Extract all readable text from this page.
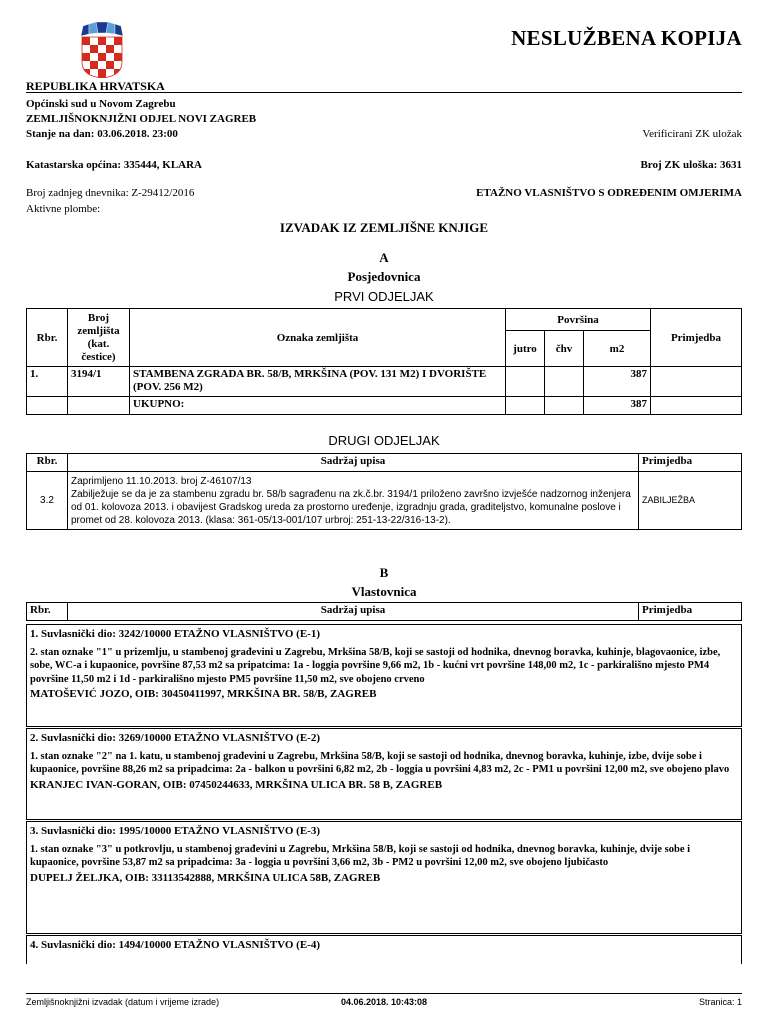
NESLUŽBENA KOPIJA
REPUBLIKA HRVATSKA
Općinski sud u Novom Zagrebu
ZEMLJIŠNOKNJIŽNI ODJEL NOVI ZAGREB
Stanje na dan: 03.06.2018. 23:00	Verificirani ZK uložak
Katastarska općina: 335444, KLARA	Broj ZK uloška: 3631
Broj zadnjeg dnevnika: Z-29412/2016	ETAŽNO VLASNIŠTVO S ODREĐENIM OMJERIMA
Aktivne plombe:
IZVADAK IZ ZEMLJIŠNE KNJIGE
A
Posjedovnica
PRVI ODJELJAK
Rbr.	Broj zemljišta (kat. čestice)	Oznaka zemljišta	Površina			Primjedba
			jutro	čhv	m2	
1.	3194/1	STAMBENA ZGRADA BR. 58/B, MRKŠINA (POV. 131 M2) I DVORIŠTE (POV. 256 M2)			387	
		UKUPNO:			387	
DRUGI ODJELJAK
Rbr.	Sadržaj upisa	Primjedba
3.2	Zaprimljeno 11.10.2013. broj Z-46107/13
Zabilježuje se da je za stambenu zgradu br. 58/b sagrađenu na zk.č.br. 3194/1 priloženo završno izvješće nadzornog inženjera od 01. kolovoza 2013. i obavijest Gradskog ureda za prostorno uređenje, izgradnju grada, graditeljstvo, komunalne poslove i promet od 28. kolovoza 2013. (klasa: 361-05/13-001/107 urbroj: 251-13-22/316-13-2).	ZABILJEŽBA
B
Vlastovnica
Rbr.	Sadržaj upisa	Primjedba
1. Suvlasnički dio: 3242/10000 ETAŽNO VLASNIŠTVO (E-1)
2. stan oznake "1" u prizemlju, u stambenoj građevini u Zagrebu, Mrkšina 58/B, koji se sastoji od hodnika, dnevnog boravka, kuhinje, blagovaonice, izbe, sobe, WC-a i kupaonice, površine 87,53 m2 sa pripatcima: 1a - loggia površine 9,66 m2, 1b - kućni vrt površine 148,00 m2, 1c - parkirališno mjesto PM4 površine 11,50 m2 i 1d - parkirališno mjesto PM5 površine 11,50 m2, sve obojeno crveno
MATOŠEVIĆ JOZO, OIB: 30450411997, MRKŠINA BR. 58/B, ZAGREB
2. Suvlasnički dio: 3269/10000 ETAŽNO VLASNIŠTVO (E-2)
1. stan oznake "2" na 1. katu, u stambenoj građevini u Zagrebu, Mrkšina 58/B, koji se sastoji od hodnika, dnevnog boravka, kuhinje, izbe, dvije sobe i kupaonice, površine 88,26 m2 sa pripadcima: 2a - balkon u površini 6,82 m2, 2b - loggia u površini 4,83 m2, 2c - PM1 u površini 12,00 m2, sve obojeno plavo
KRANJEC IVAN-GORAN, OIB: 07450244633, MRKŠINA ULICA BR. 58 B, ZAGREB
3. Suvlasnički dio: 1995/10000 ETAŽNO VLASNIŠTVO (E-3)
1. stan oznake "3" u potkrovlju, u stambenoj građevini u Zagrebu, Mrkšina 58/B, koji se sastoji od hodnika, dnevnog boravka, kuhinje, dvije sobe i kupaonice, površine 53,87 m2 sa pripadcima: 3a - loggia u površini 3,66 m2, 3b - PM2 u površini 12,00 m2, sve obojeno ljubičasto
DUPELJ ŽELJKA, OIB: 33113542888, MRKŠINA ULICA 58B, ZAGREB
4. Suvlasnički dio: 1494/10000 ETAŽNO VLASNIŠTVO (E-4)
Zemljišnoknjižni izvadak (datum i vrijeme izrade)	04.06.2018. 10:43:08	Stranica: 1
